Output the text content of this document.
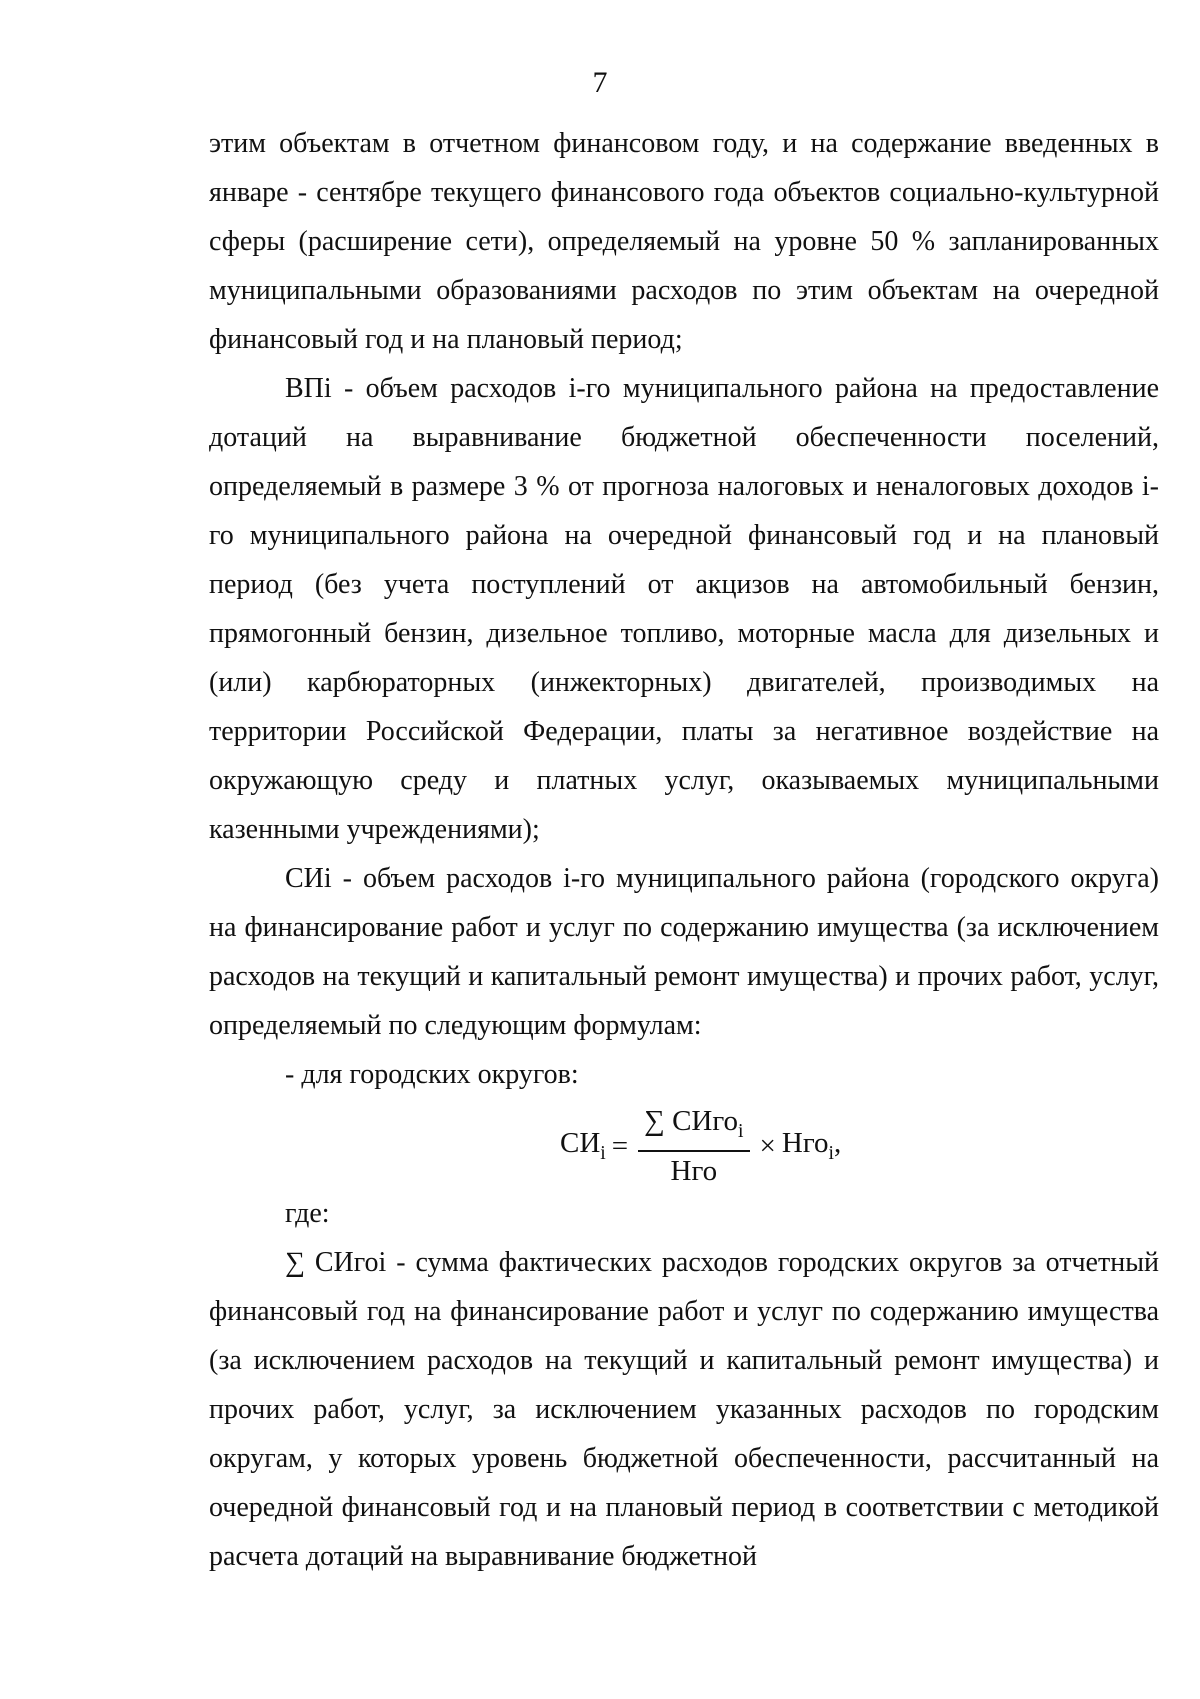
7

этим объектам в отчетном финансовом году, и на содержание введенных в январе - сентябре текущего финансового года объектов социально-культурной сферы (расширение сети), определяемый на уровне 50 % запланированных муниципальными образованиями расходов по этим объектам на очередной финансовый год и на плановый период;

ВПi - объем расходов i-го муниципального района на предоставление дотаций на выравнивание бюджетной обеспеченности поселений, определяемый в размере 3 % от прогноза налоговых и неналоговых доходов i-го муниципального района на очередной финансовый год и на плановый период (без учета поступлений от акцизов на автомобильный бензин, прямогонный бензин, дизельное топливо, моторные масла для дизельных и (или) карбюраторных (инжекторных) двигателей, производимых на территории Российской Федерации, платы за негативное воздействие на окружающую среду и платных услуг, оказываемых муниципальными казенными учреждениями);

СИi - объем расходов i-го муниципального района (городского округа) на финансирование работ и услуг по содержанию имущества (за исключением расходов на текущий и капитальный ремонт имущества) и прочих работ, услуг, определяемый по следующим формулам:

- для городских округов:

$СИ_i = \frac{\sum СИго_i}{\text{Нго}} \times Нго_i$,

где:

∑ СИгоi - сумма фактических расходов городских округов за отчетный финансовый год на финансирование работ и услуг по содержанию имущества (за исключением расходов на текущий и капитальный ремонт имущества) и прочих работ, услуг, за исключением указанных расходов по городским округам, у которых уровень бюджетной обеспеченности, рассчитанный на очередной финансовый год и на плановый период в соответствии с методикой расчета дотаций на выравнивание бюджетной
